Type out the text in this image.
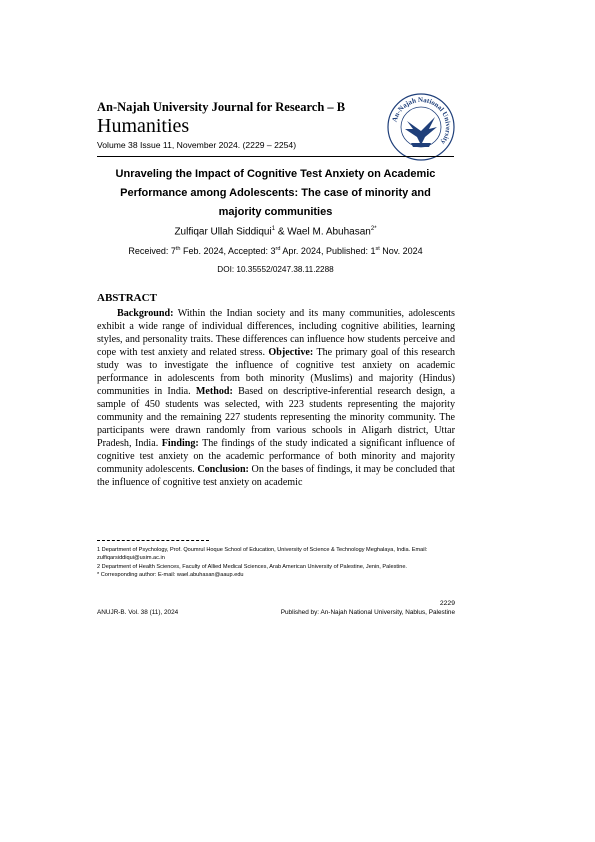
An-Najah University Journal for Research – B
Humanities
Volume 38 Issue 11, November 2024. (2229 – 2254)
An-Najah National University
Unraveling the Impact of Cognitive Test Anxiety on Academic
Performance among Adolescents: The case of minority and
majority communities
Zulfiqar Ullah Siddiqui$^1$ & Wael M. Abuhasan$^{2*}$
Received: 7th Feb. 2024, Accepted: 3rd Apr. 2024, Published: 1st Nov. 2024
DOI: 10.35552/0247.38.11.2288
ABSTRACT

Background: Within the Indian society and its many communities, adolescents exhibit a wide range of individual differences, including cognitive abilities, learning styles, and personality traits. These differences can influence how students perceive and cope with test anxiety and related stress. Objective: The primary goal of this research study was to investigate the influence of cognitive test anxiety on academic performance in adolescents from both minority (Muslims) and majority (Hindus) communities in India. Method: Based on descriptive-inferential research design, a sample of 450 students was selected, with 223 students representing the majority community and the remaining 227 students representing the minority community. The participants were drawn randomly from various schools in Aligarh district, Uttar Pradesh, India. Finding: The findings of the study indicated a significant influence of cognitive test anxiety on the academic performance of both minority and majority community adolescents. Conclusion: On the bases of findings, it may be concluded that the influence of cognitive test anxiety on academic

1 Department of Psychology, Prof. Qoumrul Hoque School of Education, University of Science & Technology Meghalaya, India. Email: zulfiqarsiddiqui@usim.ac.in
2 Department of Health Sciences, Faculty of Allied Medical Sciences, Arab American University of Palestine, Jenin, Palestine.
* Corresponding author: E-mail: wael.abuhasan@aaup.edu
2229
ANUJR-B. Vol. 38 (11), 2024	Published by: An-Najah National University, Nablus, Palestine
